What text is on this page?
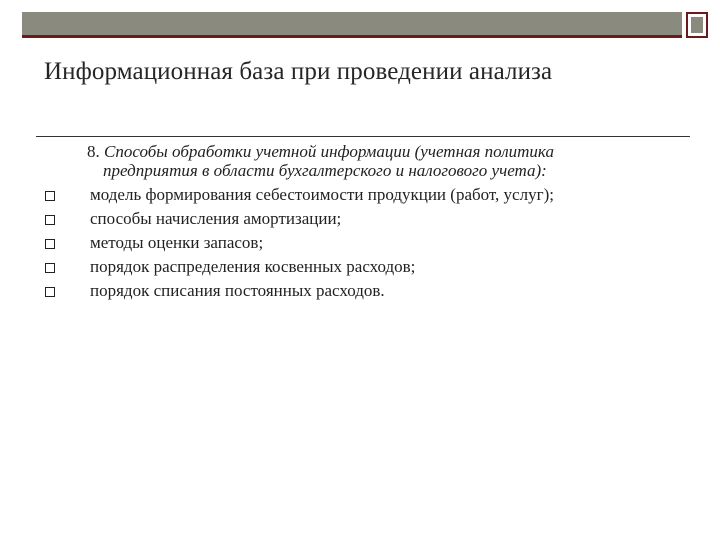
Информационная база при проведении анализа
8. Способы обработки учетной информации (учетная политика
предприятия в области бухгалтерского и налогового учета):
модель формирования себестоимости продукции (работ, услуг);
способы начисления амортизации;
методы оценки запасов;
порядок распределения косвенных расходов;
порядок списания постоянных расходов.
